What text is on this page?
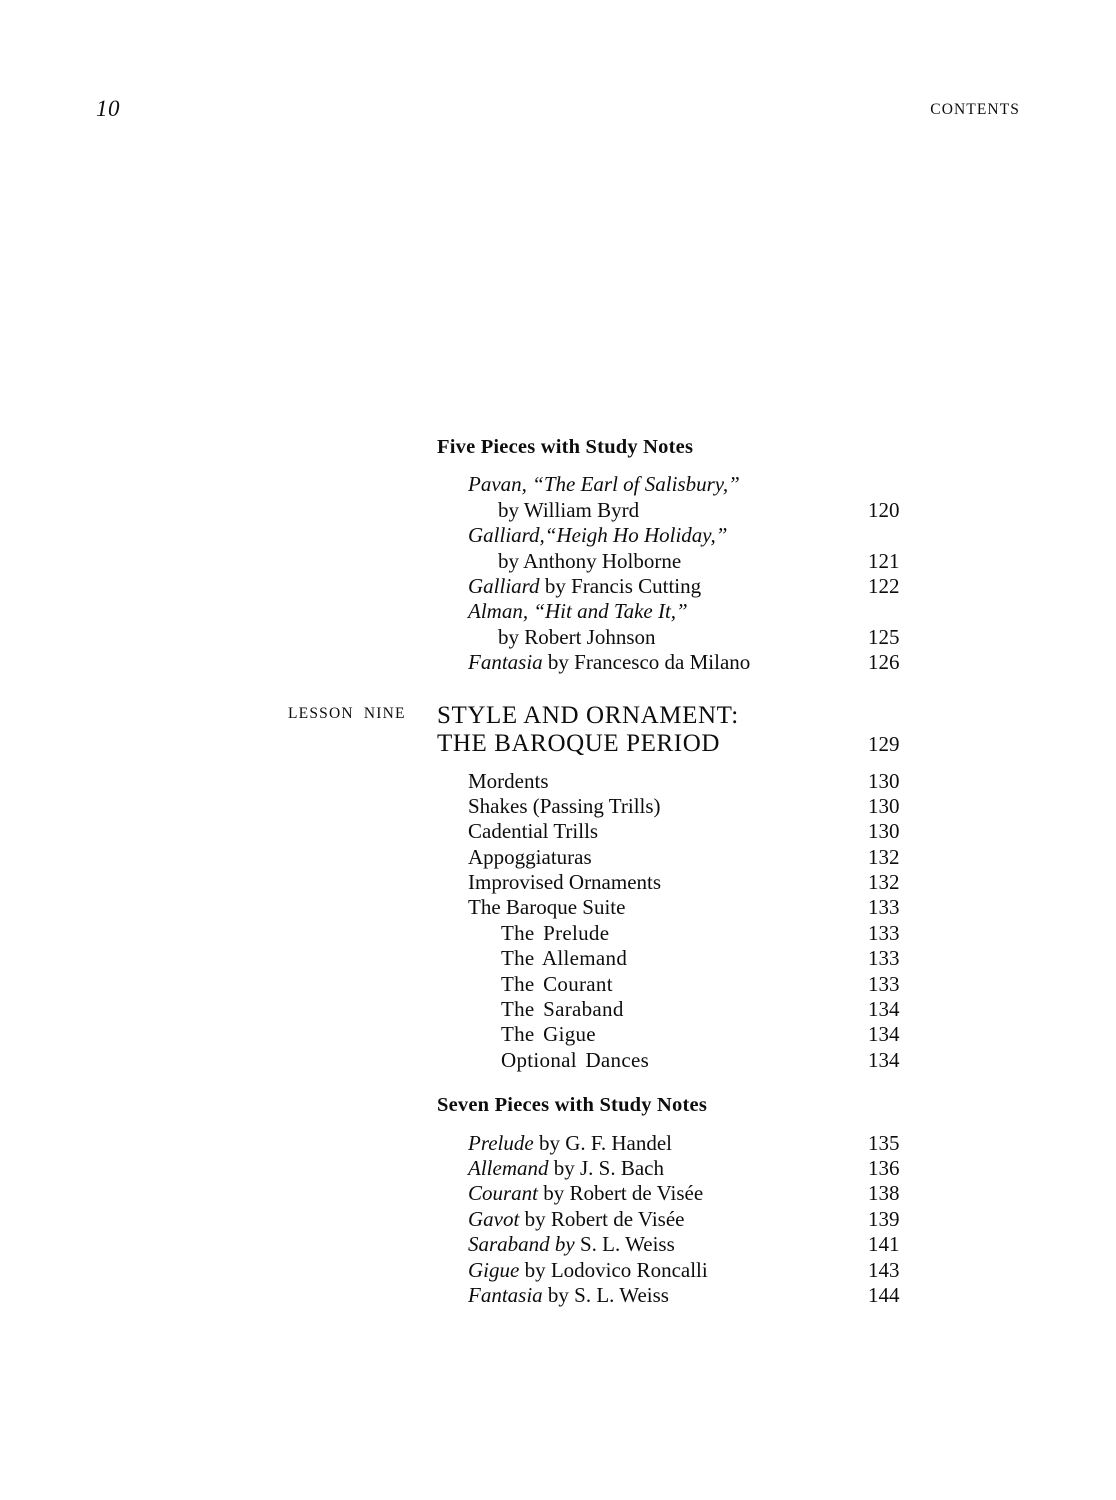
10	CONTENTS
Five Pieces with Study Notes
Pavan, “The Earl of Salisbury,”
by William Byrd	120
Galliard,“Heigh Ho Holiday,”
by Anthony Holborne	121
Galliard by Francis Cutting	122
Alman, “Hit and Take It,”
by Robert Johnson	125
Fantasia by Francesco da Milano	126
LESSON NINE STYLE AND ORNAMENT:
THE BAROQUE PERIOD	129
Mordents	130
Shakes (Passing Trills)	130
Cadential Trills	130
Appoggiaturas	132
Improvised Ornaments	132
The Baroque Suite	133
The Prelude	133
The Allemand	133
The Courant	133
The Saraband	134
The Gigue	134
Optional Dances	134
Seven Pieces with Study Notes
Prelude by G. F. Handel	135
Allemand by J. S. Bach	136
Courant by Robert de Visée	138
Gavot by Robert de Visée	139
Saraband by S. L. Weiss	141
Gigue by Lodovico Roncalli	143
Fantasia by S. L. Weiss	144
